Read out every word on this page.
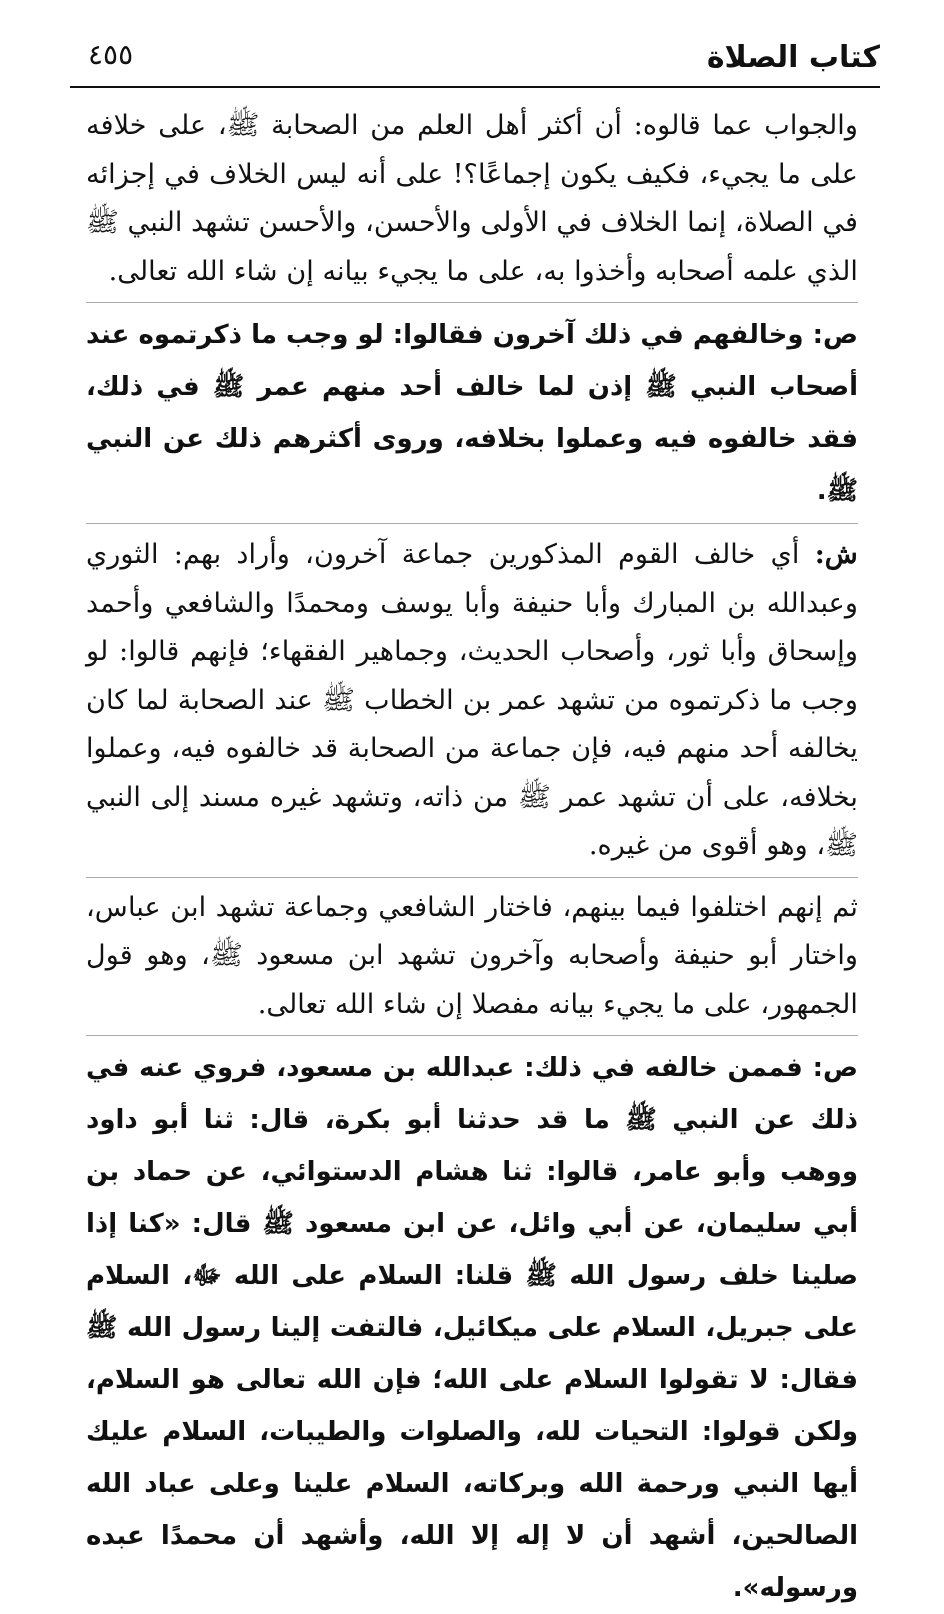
كتاب الصلاة
٤٥٥

والجواب عما قالوه: أن أكثر أهل العلم من الصحابة ﷺ، على خلافه على ما يجيء، فكيف يكون إجماعًا؟! على أنه ليس الخلاف في إجزائه في الصلاة، إنما الخلاف في الأولى والأحسن، والأحسن تشهد النبي ﷺ الذي علمه أصحابه وأخذوا به، على ما يجيء بيانه إن شاء الله تعالى.

ص: وخالفهم في ذلك آخرون فقالوا: لو وجب ما ذكرتموه عند أصحاب النبي ﷺ إذن لما خالف أحد منهم عمر ﷺ في ذلك، فقد خالفوه فيه وعملوا بخلافه، وروى أكثرهم ذلك عن النبي ﷺ.

ش: أي خالف القوم المذكورين جماعة آخرون، وأراد بهم: الثوري وعبدالله بن المبارك وأبا حنيفة وأبا يوسف ومحمدًا والشافعي وأحمد وإسحاق وأبا ثور، وأصحاب الحديث، وجماهير الفقهاء؛ فإنهم قالوا: لو وجب ما ذكرتموه من تشهد عمر بن الخطاب ﷺ عند الصحابة لما كان يخالفه أحد منهم فيه، فإن جماعة من الصحابة قد خالفوه فيه، وعملوا بخلافه، على أن تشهد عمر ﷺ من ذاته، وتشهد غيره مسند إلى النبي ﷺ، وهو أقوى من غيره.

ثم إنهم اختلفوا فيما بينهم، فاختار الشافعي وجماعة تشهد ابن عباس، واختار أبو حنيفة وأصحابه وآخرون تشهد ابن مسعود ﷺ، وهو قول الجمهور، على ما يجيء بيانه مفصلا إن شاء الله تعالى.

ص: فممن خالفه في ذلك: عبدالله بن مسعود، فروي عنه في ذلك عن النبي ﷺ ما قد حدثنا أبو بكرة، قال: ثنا أبو داود ووهب وأبو عامر، قالوا: ثنا هشام الدستوائي، عن حماد بن أبي سليمان، عن أبي وائل، عن ابن مسعود ﷺ قال: «كنا إذا صلينا خلف رسول الله ﷺ قلنا: السلام على الله ﷻ، السلام على جبريل، السلام على ميكائيل، فالتفت إلينا رسول الله ﷺ فقال: لا تقولوا السلام على الله؛ فإن الله تعالى هو السلام، ولكن قولوا: التحيات لله، والصلوات والطيبات، السلام عليك أيها النبي ورحمة الله وبركاته، السلام علينا وعلى عباد الله الصالحين، أشهد أن لا إله إلا الله، وأشهد أن محمدًا عبده ورسوله».
